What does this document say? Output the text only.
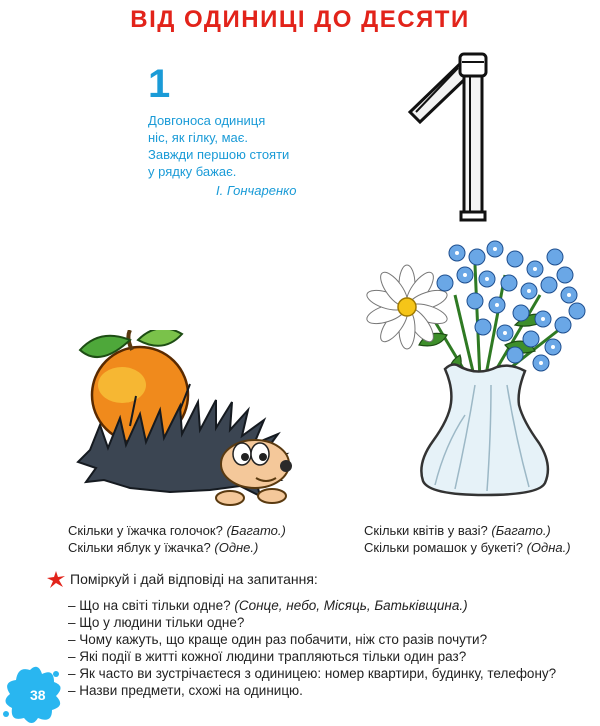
ВІД ОДИНИЦІ ДО ДЕСЯТИ
1
Довгоноса одиниця
ніс, як гілку, має.
Завжди першою стояти
у рядку бажає.
І. Гончаренко
Скільки у їжачка голочок? (Багато.)
Скільки яблук у їжачка? (Одне.)
Скільки квітів у вазі? (Багато.)
Скільки ромашок у букеті? (Одна.)
Поміркуй і дай відповіді на запитання:
– Що на світі тільки одне? (Сонце, небо, Місяць, Батьківщина.)
– Що у людини тільки одне?
– Чому кажуть, що краще один раз побачити, ніж сто разів почути?
– Які події в житті кожної людини трапляються тільки один раз?
– Як часто ви зустрічаєтеся з одиницею: номер квартири, будинку, телефону?
– Назви предмети, схожі на одиницю.
38
